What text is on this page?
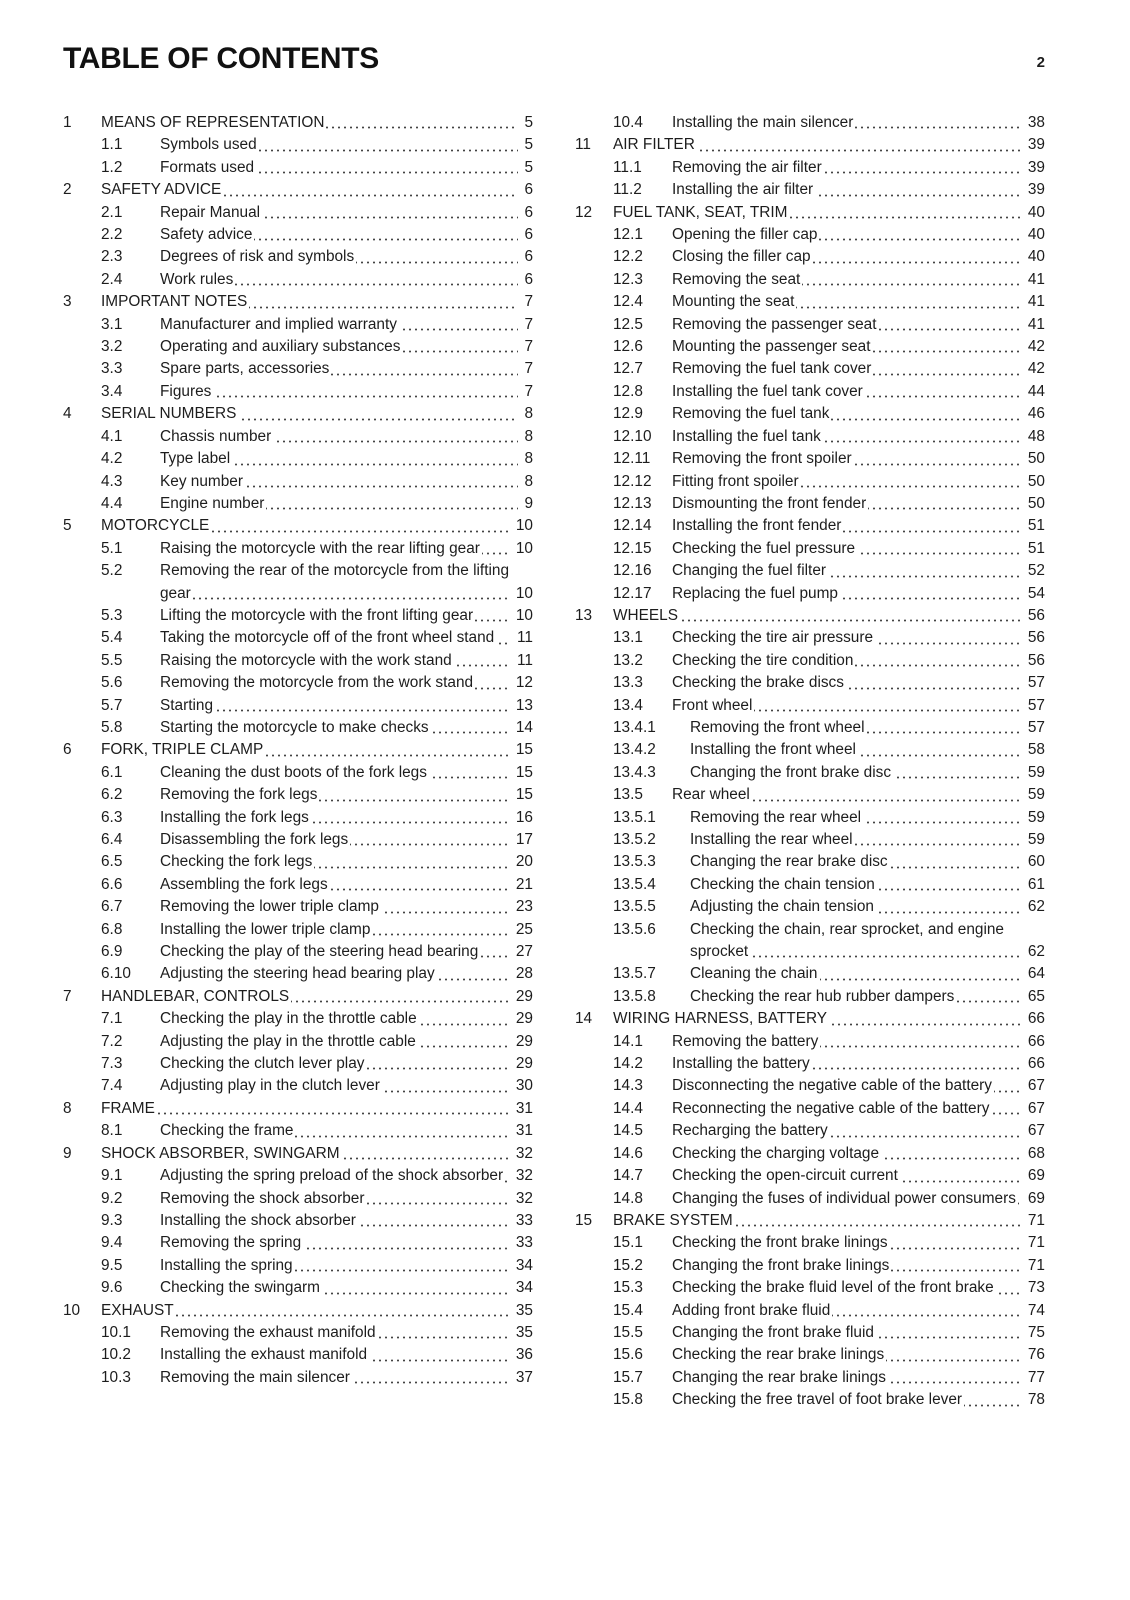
TABLE OF CONTENTS	2
1	MEANS OF REPRESENTATION	5
1.1	Symbols used	5
1.2	Formats used	5
2	SAFETY ADVICE	6
2.1	Repair Manual	6
2.2	Safety advice	6
2.3	Degrees of risk and symbols	6
2.4	Work rules	6
3	IMPORTANT NOTES	7
3.1	Manufacturer and implied warranty	7
3.2	Operating and auxiliary substances	7
3.3	Spare parts, accessories	7
3.4	Figures	7
4	SERIAL NUMBERS	8
4.1	Chassis number	8
4.2	Type label	8
4.3	Key number	8
4.4	Engine number	9
5	MOTORCYCLE	10
5.1	Raising the motorcycle with the rear lifting gear	10
5.2	Removing the rear of the motorcycle from the lifting gear	10
5.3	Lifting the motorcycle with the front lifting gear	10
5.4	Taking the motorcycle off of the front wheel stand	11
5.5	Raising the motorcycle with the work stand	11
5.6	Removing the motorcycle from the work stand	12
5.7	Starting	13
5.8	Starting the motorcycle to make checks	14
6	FORK, TRIPLE CLAMP	15
6.1	Cleaning the dust boots of the fork legs	15
6.2	Removing the fork legs	15
6.3	Installing the fork legs	16
6.4	Disassembling the fork legs	17
6.5	Checking the fork legs	20
6.6	Assembling the fork legs	21
6.7	Removing the lower triple clamp	23
6.8	Installing the lower triple clamp	25
6.9	Checking the play of the steering head bearing	27
6.10	Adjusting the steering head bearing play	28
7	HANDLEBAR, CONTROLS	29
7.1	Checking the play in the throttle cable	29
7.2	Adjusting the play in the throttle cable	29
7.3	Checking the clutch lever play	29
7.4	Adjusting play in the clutch lever	30
8	FRAME	31
8.1	Checking the frame	31
9	SHOCK ABSORBER, SWINGARM	32
9.1	Adjusting the spring preload of the shock absorber 32
9.2	Removing the shock absorber	32
9.3	Installing the shock absorber	33
9.4	Removing the spring	33
9.5	Installing the spring	34
9.6	Checking the swingarm	34
10	EXHAUST	35
10.1	Removing the exhaust manifold	35
10.2	Installing the exhaust manifold	36
10.3	Removing the main silencer	37
10.4	Installing the main silencer	38
11	AIR FILTER	39
11.1	Removing the air filter	39
11.2	Installing the air filter	39
12	FUEL TANK, SEAT, TRIM	40
12.1	Opening the filler cap	40
12.2	Closing the filler cap	40
12.3	Removing the seat	41
12.4	Mounting the seat	41
12.5	Removing the passenger seat	41
12.6	Mounting the passenger seat	42
12.7	Removing the fuel tank cover	42
12.8	Installing the fuel tank cover	44
12.9	Removing the fuel tank	46
12.10	Installing the fuel tank	48
12.11	Removing the front spoiler	50
12.12	Fitting front spoiler	50
12.13	Dismounting the front fender	50
12.14	Installing the front fender	51
12.15	Checking the fuel pressure	51
12.16	Changing the fuel filter	52
12.17	Replacing the fuel pump	54
13	WHEELS	56
13.1	Checking the tire air pressure	56
13.2	Checking the tire condition	56
13.3	Checking the brake discs	57
13.4	Front wheel	57
13.4.1	Removing the front wheel	57
13.4.2	Installing the front wheel	58
13.4.3	Changing the front brake disc	59
13.5	Rear wheel	59
13.5.1	Removing the rear wheel	59
13.5.2	Installing the rear wheel	59
13.5.3	Changing the rear brake disc	60
13.5.4	Checking the chain tension	61
13.5.5	Adjusting the chain tension	62
13.5.6	Checking the chain, rear sprocket, and engine sprocket	62
13.5.7	Cleaning the chain	64
13.5.8	Checking the rear hub rubber dampers	65
14	WIRING HARNESS, BATTERY	66
14.1	Removing the battery	66
14.2	Installing the battery	66
14.3	Disconnecting the negative cable of the battery	67
14.4	Reconnecting the negative cable of the battery	67
14.5	Recharging the battery	67
14.6	Checking the charging voltage	68
14.7	Checking the open-circuit current	69
14.8	Changing the fuses of individual power consumers 69
15	BRAKE SYSTEM	71
15.1	Checking the front brake linings	71
15.2	Changing the front brake linings	71
15.3	Checking the brake fluid level of the front brake	73
15.4	Adding front brake fluid	74
15.5	Changing the front brake fluid	75
15.6	Checking the rear brake linings	76
15.7	Changing the rear brake linings	77
15.8	Checking the free travel of foot brake lever	78
